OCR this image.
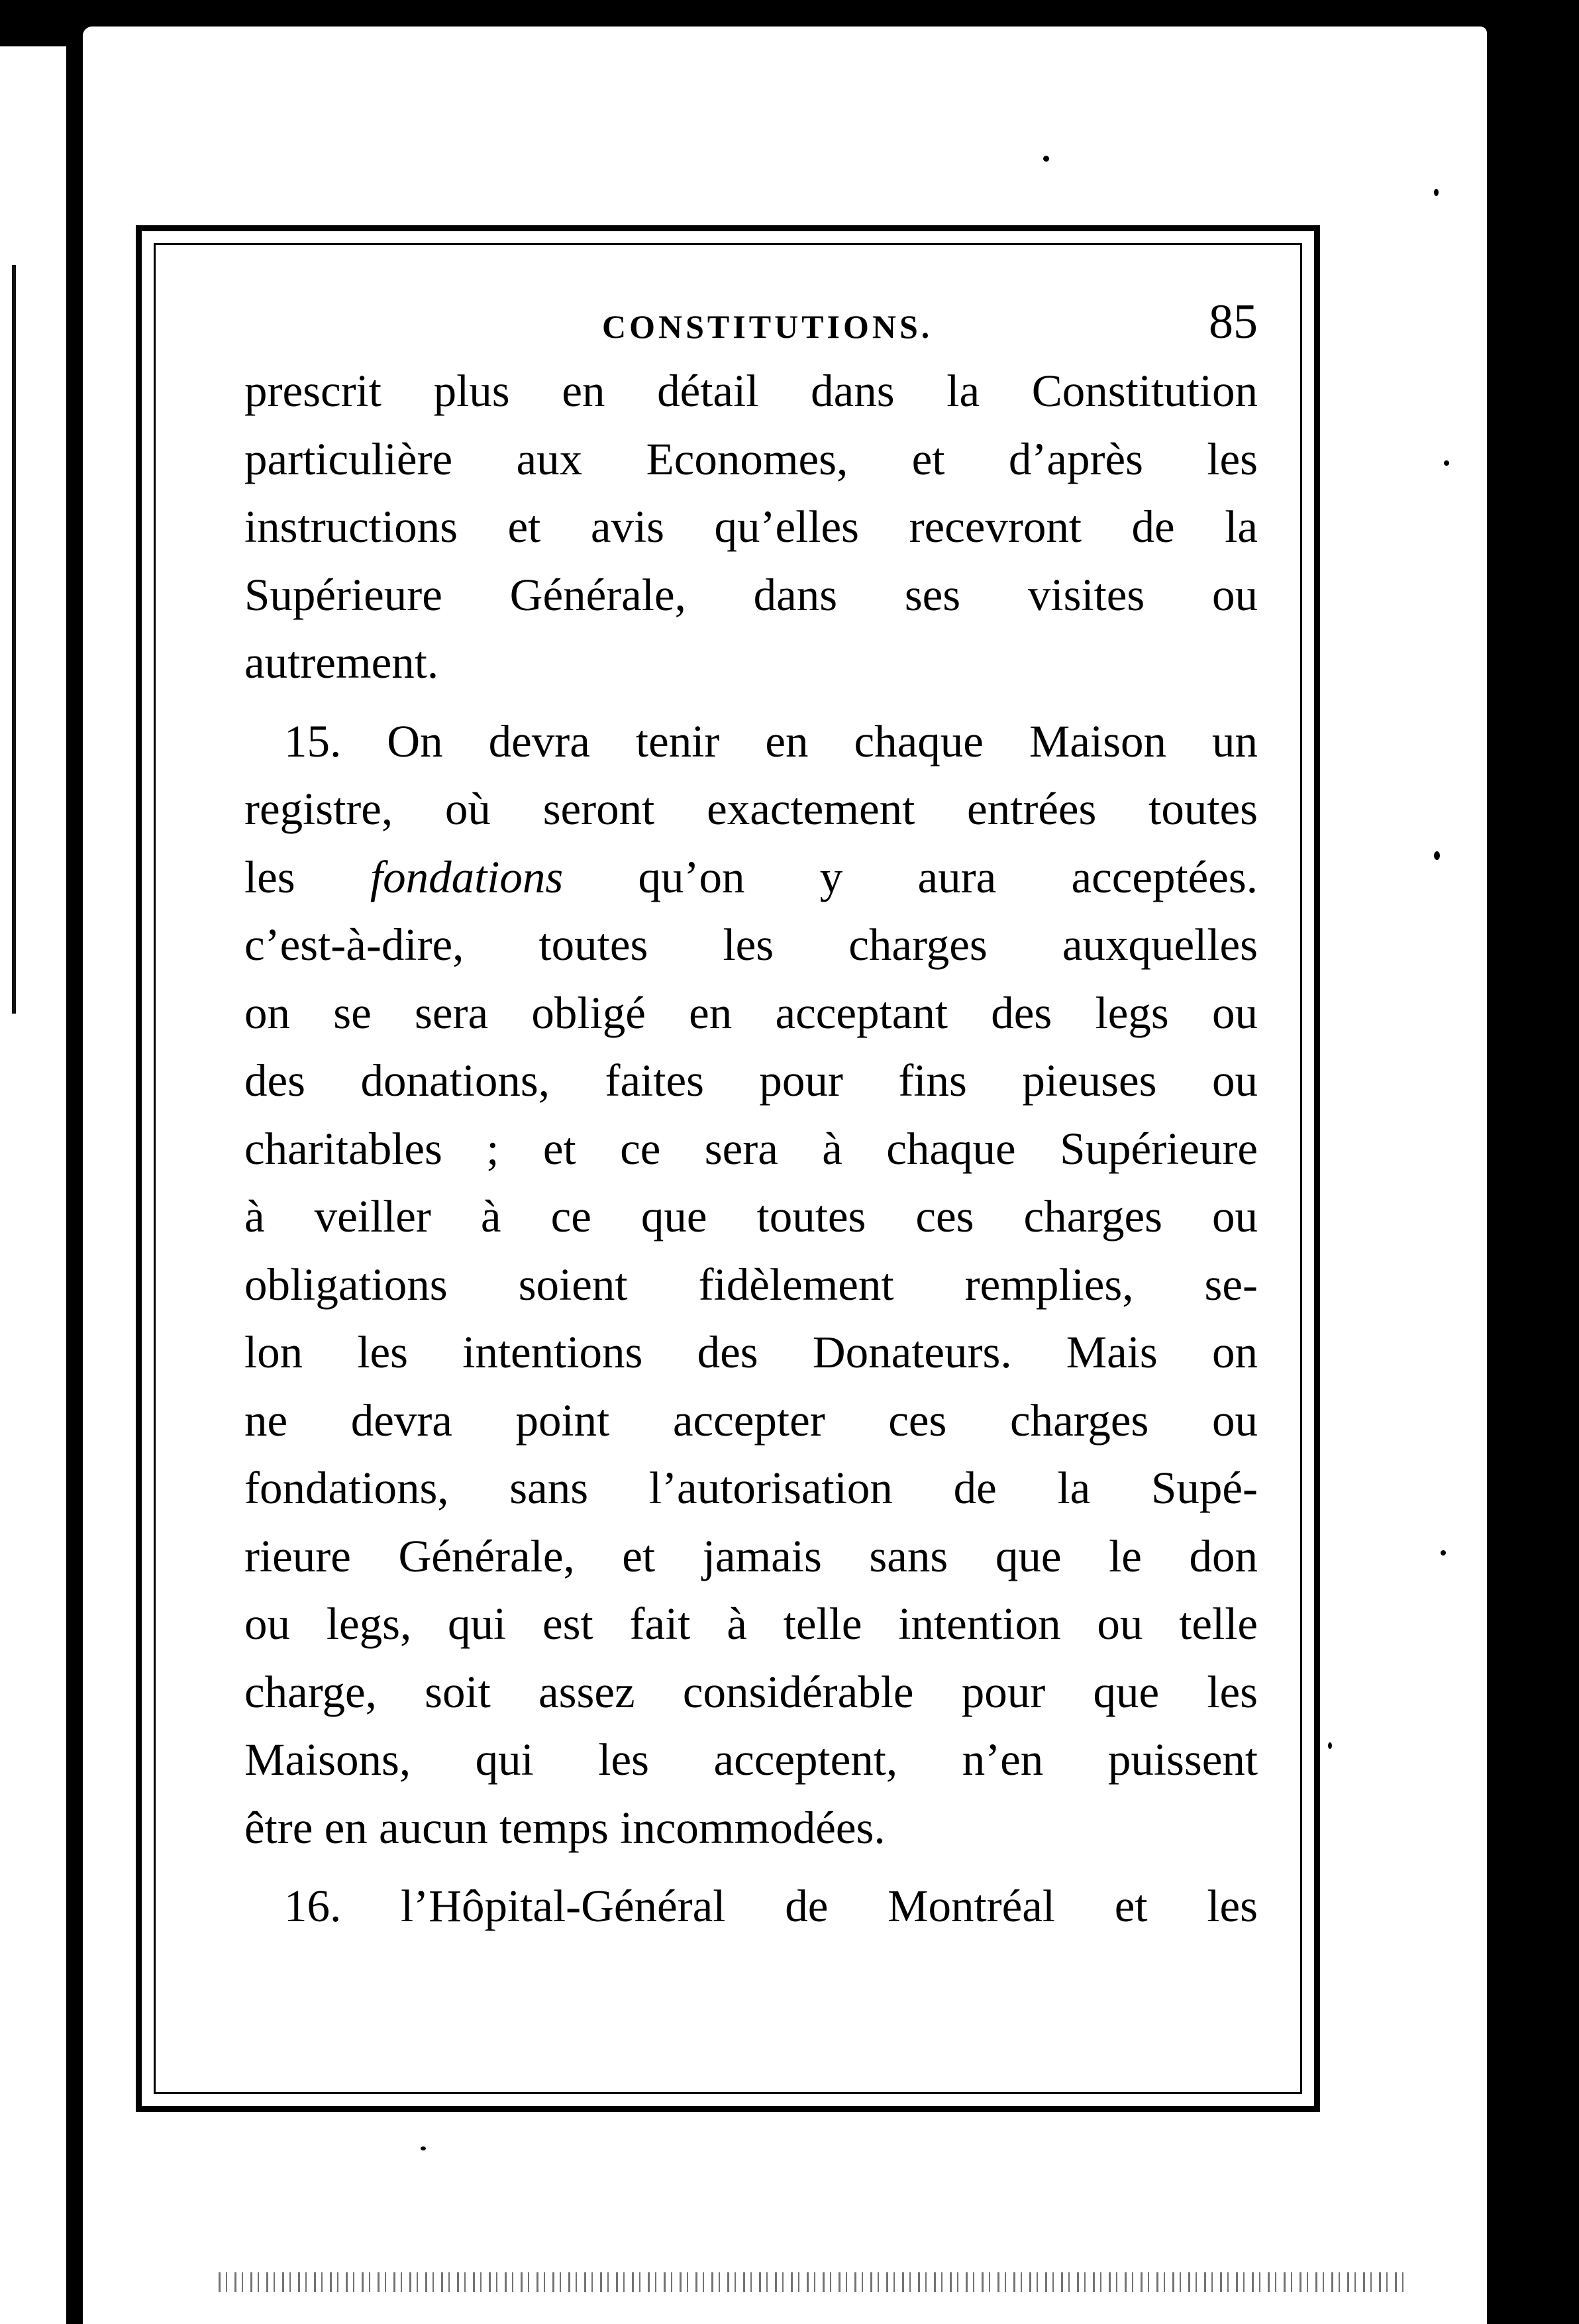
CONSTITUTIONS.	85

prescrit plus en détail dans la Constitution
particulière aux Economes, et d’après les
instructions et avis qu’elles recevront de la
Supérieure Générale, dans ses visites ou
autrement.

15. On devra tenir en chaque Maison un
registre, où seront exactement entrées toutes
les fondations qu’on y aura acceptées.
c’est-à-dire, toutes les charges auxquelles
on se sera obligé en acceptant des legs ou
des donations, faites pour fins pieuses ou
charitables ; et ce sera à chaque Supérieure
à veiller à ce que toutes ces charges ou
obligations soient fidèlement remplies, se-
lon les intentions des Donateurs. Mais on
ne devra point accepter ces charges ou
fondations, sans l’autorisation de la Supé-
rieure Générale, et jamais sans que le don
ou legs, qui est fait à telle intention ou telle
charge, soit assez considérable pour que les
Maisons, qui les acceptent, n’en puissent
être en aucun temps incommodées.

16. l’Hôpital-Général de Montréal et les
